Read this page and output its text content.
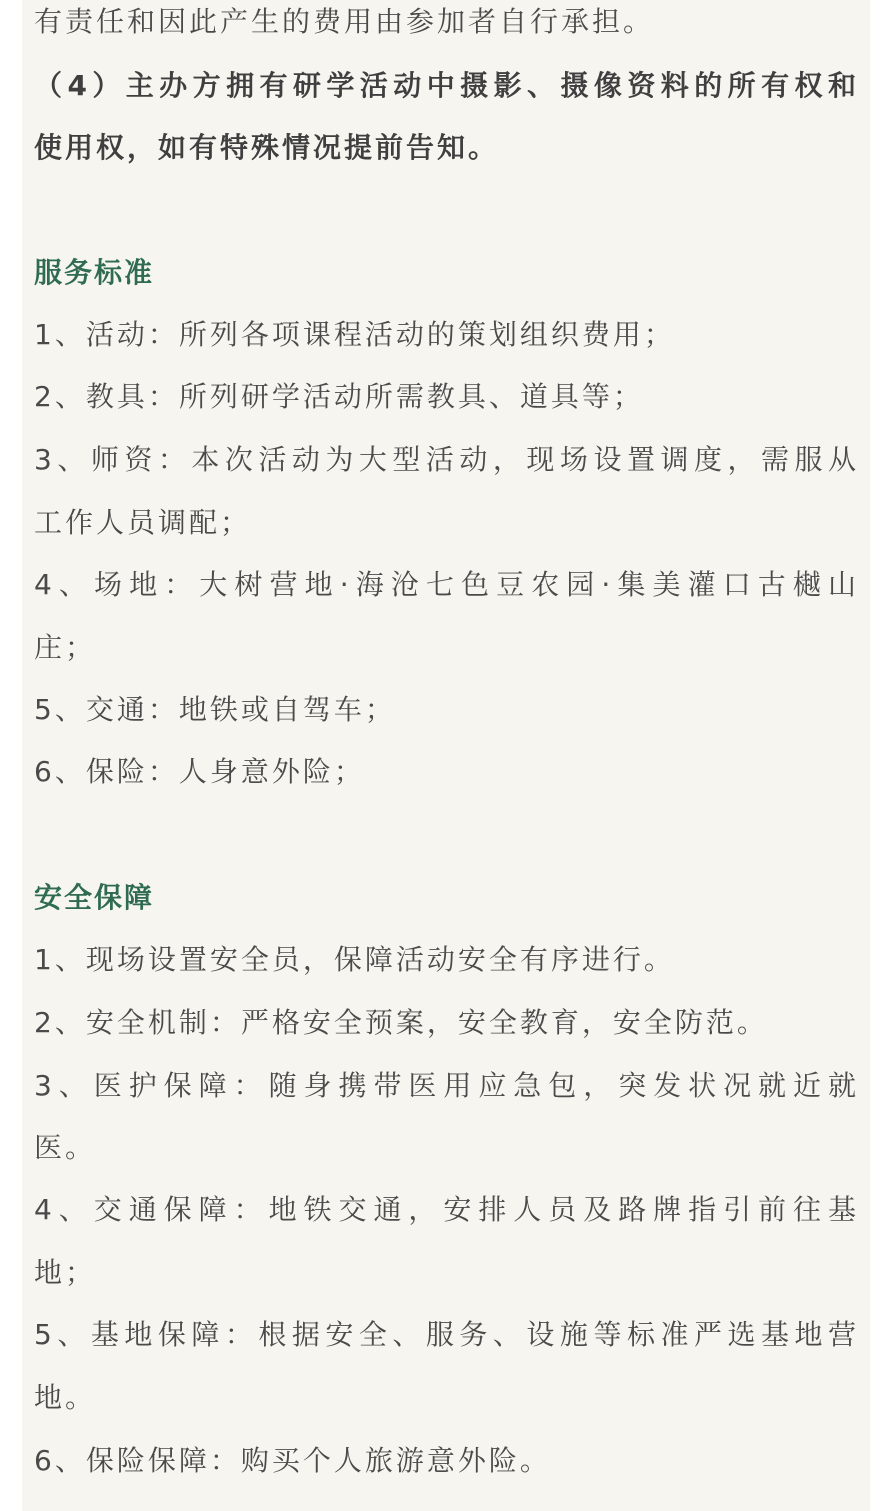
有责任和因此产生的费用由参加者自行承担。
（4）主办方拥有研学活动中摄影、摄像资料的所有权和
使用权，如有特殊情况提前告知。
服务标准
1、活动：所列各项课程活动的策划组织费用；
2、教具：所列研学活动所需教具、道具等；
3、师资：本次活动为大型活动，现场设置调度，需服从
工作人员调配；
4、场地：大树营地·海沧七色豆农园·集美灌口古樾山
庄；
5、交通：地铁或自驾车；
6、保险：人身意外险；
安全保障
1、现场设置安全员，保障活动安全有序进行。
2、安全机制：严格安全预案，安全教育，安全防范。
3、医护保障：随身携带医用应急包，突发状况就近就
医。
4、交通保障：地铁交通，安排人员及路牌指引前往基
地；
5、基地保障：根据安全、服务、设施等标准严选基地营
地。
6、保险保障：购买个人旅游意外险。
